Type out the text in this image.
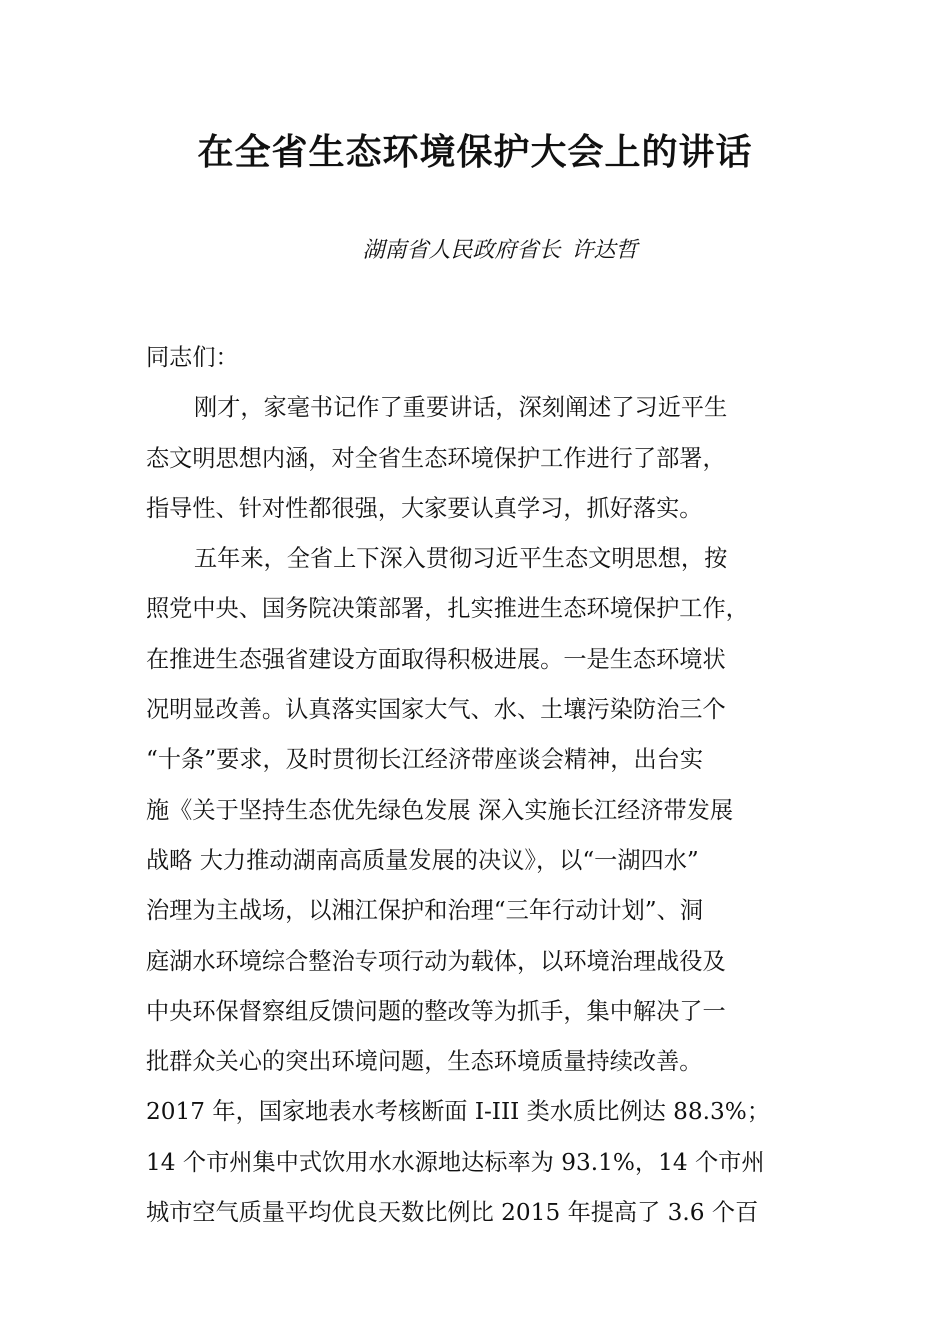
在全省生态环境保护大会上的讲话
湖南省人民政府省长 许达哲
同志们：

刚才，家毫书记作了重要讲话，深刻阐述了习近平生
态文明思想内涵，对全省生态环境保护工作进行了部署，
指导性、针对性都很强，大家要认真学习，抓好落实。

五年来，全省上下深入贯彻习近平生态文明思想，按
照党中央、国务院决策部署，扎实推进生态环境保护工作，
在推进生态强省建设方面取得积极进展。一是生态环境状
况明显改善。认真落实国家大气、水、土壤污染防治三个
“十条”要求，及时贯彻长江经济带座谈会精神，出台实
施《关于坚持生态优先绿色发展 深入实施长江经济带发展
战略 大力推动湖南高质量发展的决议》，以“一湖四水”
治理为主战场，以湘江保护和治理“三年行动计划”、洞
庭湖水环境综合整治专项行动为载体，以环境治理战役及
中央环保督察组反馈问题的整改等为抓手，集中解决了一
批群众关心的突出环境问题，生态环境质量持续改善。
2017 年，国家地表水考核断面 I-III 类水质比例达 88.3%；
14 个市州集中式饮用水水源地达标率为 93.1%，14 个市州
城市空气质量平均优良天数比例比 2015 年提高了 3.6 个百
